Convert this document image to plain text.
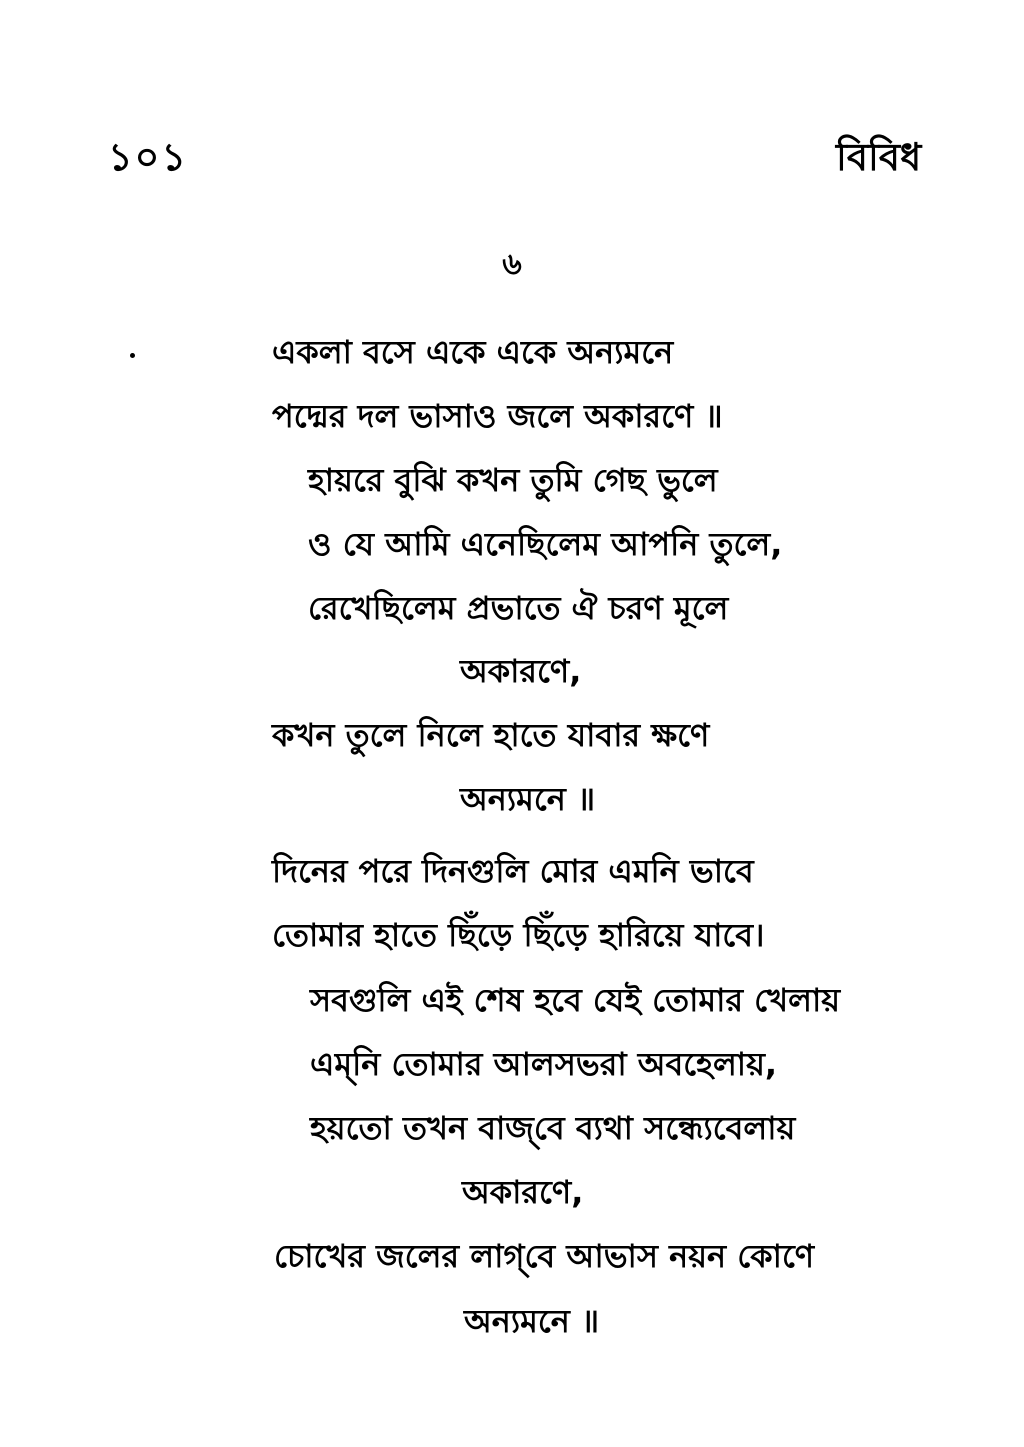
১০১	বিবিধ
৬
একলা বসে একে একে অন্যমনে
পদ্মের দল ভাসাও জলে অকারণে ॥
হায়রে বুঝি কখন তুমি গেছ ভুলে
ও যে আমি এনেছিলেম আপনি তুলে,
রেখেছিলেম প্রভাতে ঐ চরণ মূলে
অকারণে,
কখন তুলে নিলে হাতে যাবার ক্ষণে
অন্যমনে ॥
দিনের পরে দিনগুলি মোর এমনি ভাবে
তোমার হাতে ছিঁড়ে ছিঁড়ে হারিয়ে যাবে।
সবগুলি এই শেষ হবে যেই তোমার খেলায়
এম্‌নি তোমার আলসভরা অবহেলায়,
হয়তো তখন বাজ্‌বে ব্যথা সন্ধ্যেবেলায়
অকারণে,
চোখের জলের লাগ্‌বে আভাস নয়ন কোণে
অন্যমনে ॥
